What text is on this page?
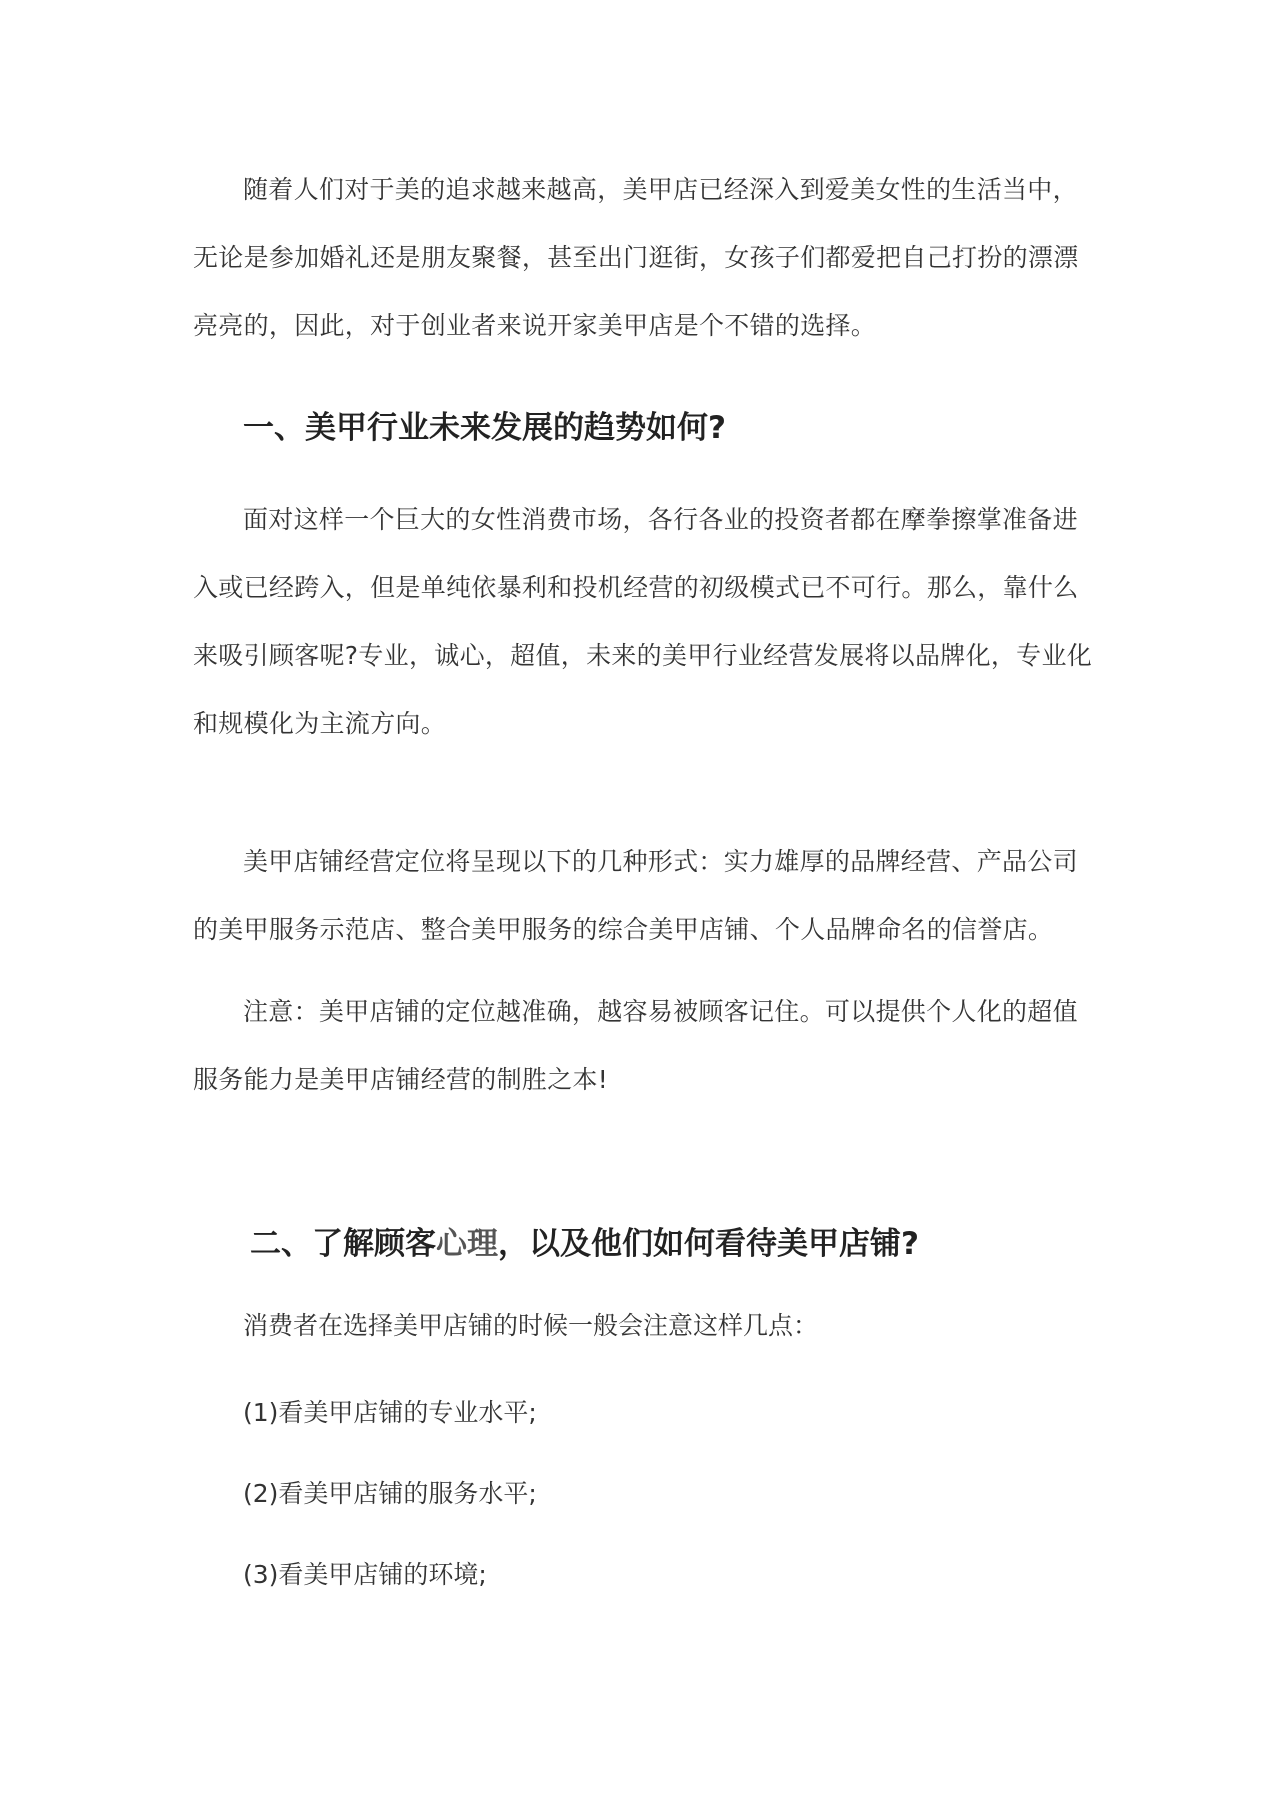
随着人们对于美的追求越来越高，美甲店已经深入到爱美女性的生活当中，无论是参加婚礼还是朋友聚餐，甚至出门逛街，女孩子们都爱把自己打扮的漂漂亮亮的，因此，对于创业者来说开家美甲店是个不错的选择。

一、美甲行业未来发展的趋势如何?

面对这样一个巨大的女性消费市场，各行各业的投资者都在摩拳擦掌准备进入或已经跨入，但是单纯依暴利和投机经营的初级模式已不可行。那么，靠什么来吸引顾客呢?专业，诚心，超值，未来的美甲行业经营发展将以品牌化，专业化和规模化为主流方向。

美甲店铺经营定位将呈现以下的几种形式：实力雄厚的品牌经营、产品公司的美甲服务示范店、整合美甲服务的综合美甲店铺、个人品牌命名的信誉店。

注意：美甲店铺的定位越准确，越容易被顾客记住。可以提供个人化的超值服务能力是美甲店铺经营的制胜之本!

二、了解顾客心理，以及他们如何看待美甲店铺?

消费者在选择美甲店铺的时候一般会注意这样几点：

(1)看美甲店铺的专业水平;

(2)看美甲店铺的服务水平;

(3)看美甲店铺的环境;
